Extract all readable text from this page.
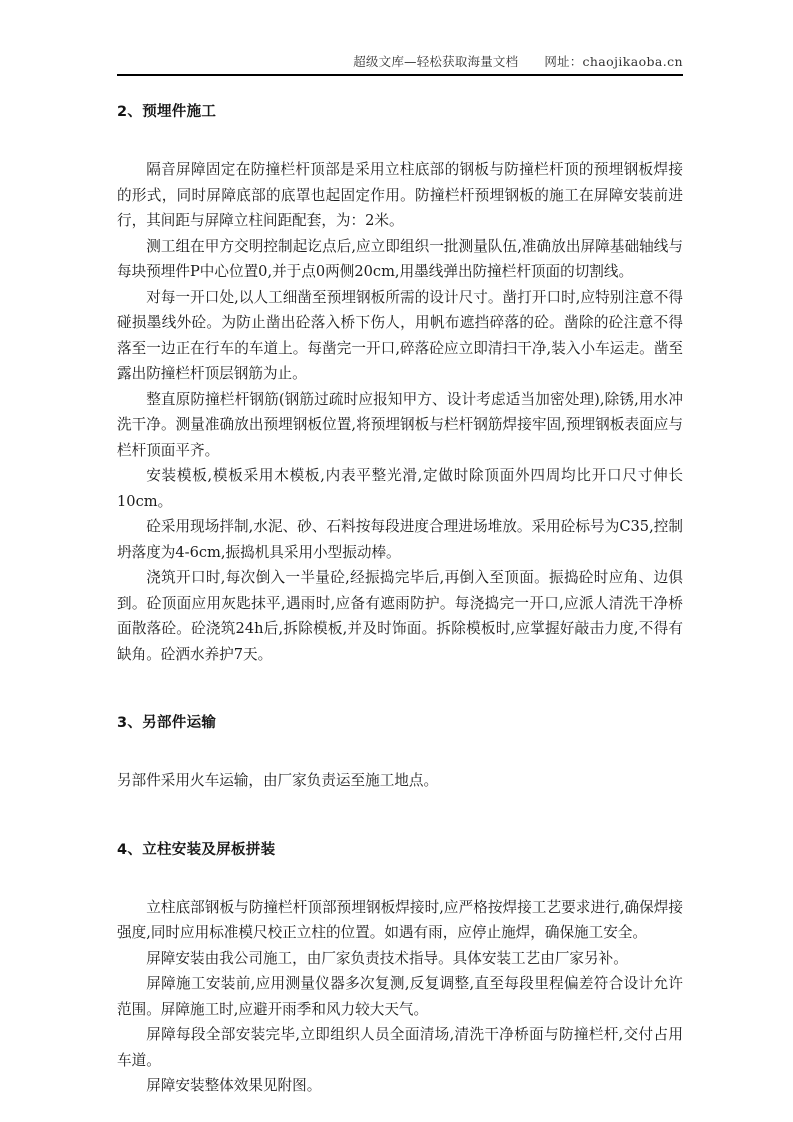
超级文库—轻松获取海量文档 网址： chaojikaoba.cn
2、预埋件施工

隔音屏障固定在防撞栏杆顶部是采用立柱底部的钢板与防撞栏杆顶的预埋钢板焊接的形式，同时屏障底部的底罩也起固定作用。防撞栏杆预埋钢板的施工在屏障安装前进行，其间距与屏障立柱间距配套，为：2米。

测工组在甲方交明控制起讫点后,应立即组织一批测量队伍,准确放出屏障基础轴线与每块预埋件P中心位置0,并于点0两侧20cm,用墨线弹出防撞栏杆顶面的切割线。

对每一开口处,以人工细凿至预埋钢板所需的设计尺寸。凿打开口时,应特别注意不得碰损墨线外砼。为防止凿出砼落入桥下伤人，用帆布遮挡碎落的砼。凿除的砼注意不得落至一边正在行车的车道上。每凿完一开口,碎落砼应立即清扫干净,装入小车运走。凿至露出防撞栏杆顶层钢筋为止。

整直原防撞栏杆钢筋(钢筋过疏时应报知甲方、设计考虑适当加密处理),除锈,用水冲洗干净。测量准确放出预埋钢板位置,将预埋钢板与栏杆钢筋焊接牢固,预埋钢板表面应与栏杆顶面平齐。

安装模板,模板采用木模板,内表平整光滑,定做时除顶面外四周均比开口尺寸伸长10cm。

砼采用现场拌制,水泥、砂、石料按每段进度合理进场堆放。采用砼标号为C35,控制坍落度为4-6cm,振捣机具采用小型振动棒。

浇筑开口时,每次倒入一半量砼,经振捣完毕后,再倒入至顶面。振捣砼时应角、边俱到。砼顶面应用灰匙抹平,遇雨时,应备有遮雨防护。每浇捣完一开口,应派人清洗干净桥面散落砼。砼浇筑24h后,拆除模板,并及时饰面。拆除模板时,应掌握好敲击力度,不得有缺角。砼洒水养护7天。

3、另部件运输

另部件采用火车运输，由厂家负责运至施工地点。

4、立柱安装及屏板拼装

立柱底部钢板与防撞栏杆顶部预埋钢板焊接时,应严格按焊接工艺要求进行,确保焊接强度,同时应用标准模尺校正立柱的位置。如遇有雨，应停止施焊，确保施工安全。

屏障安装由我公司施工，由厂家负责技术指导。具体安装工艺由厂家另补。

屏障施工安装前,应用测量仪器多次复测,反复调整,直至每段里程偏差符合设计允许范围。屏障施工时,应避开雨季和风力较大天气。

屏障每段全部安装完毕,立即组织人员全面清场,清洗干净桥面与防撞栏杆,交付占用车道。

屏障安装整体效果见附图。
